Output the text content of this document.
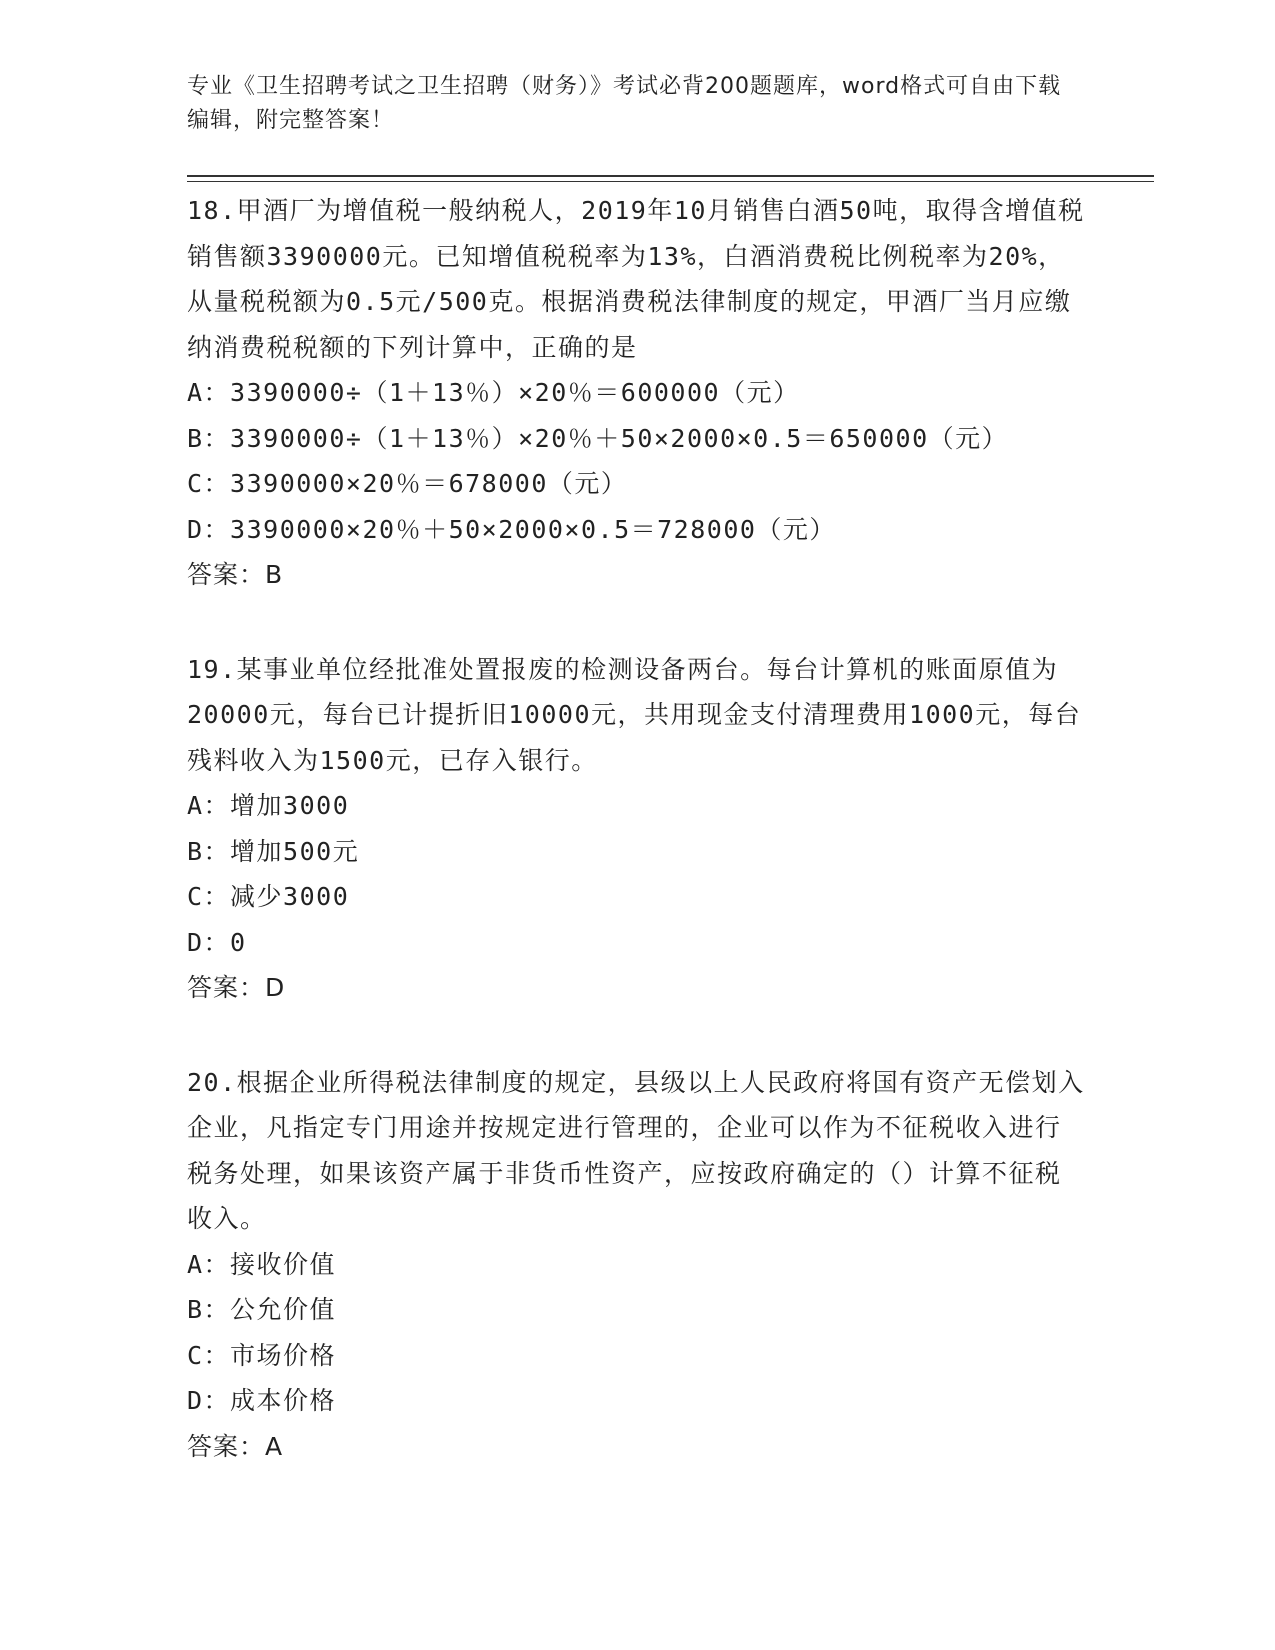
专业《卫生招聘考试之卫生招聘（财务）》考试必背200题题库，word格式可自由下载编辑，附完整答案！

18.甲酒厂为增值税一般纳税人，2019年10月销售白酒50吨，取得含增值税销售额3390000元。已知增值税税率为13%，白酒消费税比例税率为20%，从量税税额为0.5元/500克。根据消费税法律制度的规定，甲酒厂当月应缴纳消费税税额的下列计算中，正确的是

A：3390000÷（1＋13％）×20％＝600000（元）

B：3390000÷（1＋13％）×20％＋50×2000×0.5＝650000（元）

C：3390000×20％＝678000（元）

D：3390000×20％＋50×2000×0.5＝728000（元）

答案：B

19.某事业单位经批准处置报废的检测设备两台。每台计算机的账面原值为20000元，每台已计提折旧10000元，共用现金支付清理费用1000元，每台残料收入为1500元，已存入银行。

A：增加3000

B：增加500元

C：减少3000

D：0

答案：D

20.根据企业所得税法律制度的规定，县级以上人民政府将国有资产无偿划入企业，凡指定专门用途并按规定进行管理的，企业可以作为不征税收入进行税务处理，如果该资产属于非货币性资产，应按政府确定的（）计算不征税收入。

A：接收价值

B：公允价值

C：市场价格

D：成本价格

答案：A
